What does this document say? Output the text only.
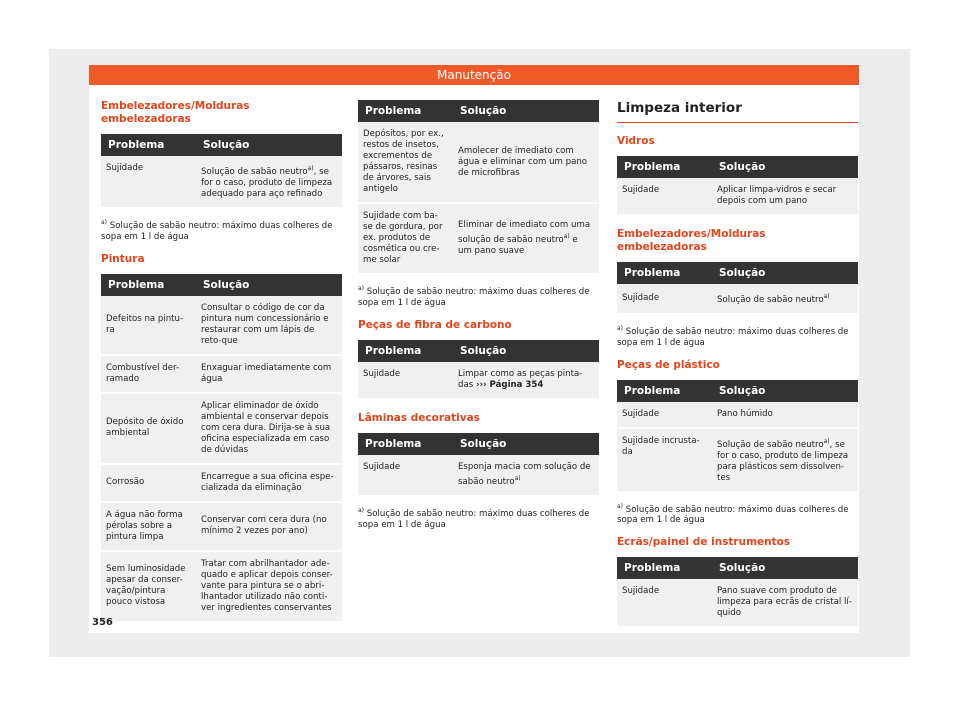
Manutenção
Embelezadores/Molduras embelezadoras
Problema	Solução
Sujidade	Solução de sabão neutro$^{a)}$, se for o caso, produto de limpeza adequado para aço refinado
$^{a)}$ Solução de sabão neutro: máximo duas colheres de sopa em 1 l de água
Pintura
Problema	Solução
Defeitos na pintu-ra	Consultar o código de cor da pintura num concessionário e restaurar com um lápis de reto-que
Combustível der-ramado	Enxaguar imediatamente com água
Depósito de óxido ambiental	Aplicar eliminador de óxido ambiental e conservar depois com cera dura. Dirija-se à sua oficina especializada em caso de dúvidas
Corrosão	Encarregue a sua oficina espe-cializada da eliminação
A água não forma pérolas sobre a pintura limpa	Conservar com cera dura (no mínimo 2 vezes por ano)
Sem luminosidade apesar da conser-vação/pintura pouco vistosa	Tratar com abrilhantador ade-quado e aplicar depois conser-vante para pintura se o abri-lhantador utilizado não conti-ver ingredientes conservantes
Problema	Solução
Depósitos, por ex., restos de insetos, excrementos de pássaros, resinas de árvores, sais antigelo	Amolecer de imediato com água e eliminar com um pano de microfibras
Sujidade com ba-se de gordura, por ex. produtos de cosmética ou cre-me solar	Eliminar de imediato com uma solução de sabão neutro$^{a)}$ e um pano suave
$^{a)}$ Solução de sabão neutro: máximo duas colheres de sopa em 1 l de água
Peças de fibra de carbono
Problema	Solução
Sujidade	Limpar como as peças pinta-das ››› Página 354
Lâminas decorativas
Problema	Solução
Sujidade	Esponja macia com solução de sabão neutro$^{a)}$
$^{a)}$ Solução de sabão neutro: máximo duas colheres de sopa em 1 l de água
Limpeza interior
Vidros
Problema	Solução
Sujidade	Aplicar limpa-vidros e secar depois com um pano
Embelezadores/Molduras embelezadoras
Problema	Solução
Sujidade	Solução de sabão neutro$^{a)}$
$^{a)}$ Solução de sabão neutro: máximo duas colheres de sopa em 1 l de água
Peças de plástico
Problema	Solução
Sujidade	Pano húmido
Sujidade incrusta-da	Solução de sabão neutro$^{a)}$, se for o caso, produto de limpeza para plásticos sem dissolven-tes
$^{a)}$ Solução de sabão neutro: máximo duas colheres de sopa em 1 l de água
Ecrãs/painel de instrumentos
Problema	Solução
Sujidade	Pano suave com produto de limpeza para ecrãs de cristal lí-quido
356
